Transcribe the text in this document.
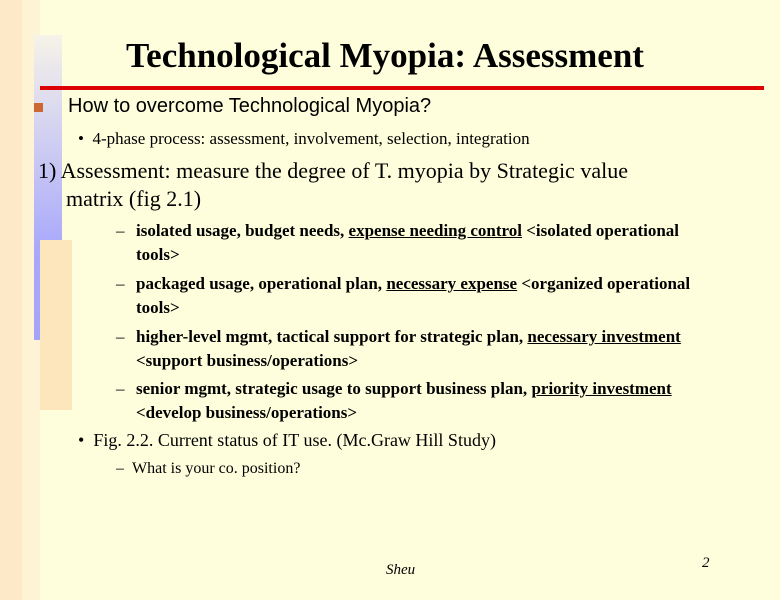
Technological Myopia: Assessment

How to overcome Technological Myopia?

•  4-phase process: assessment, involvement, selection, integration

1) Assessment: measure the degree of T. myopia by Strategic value
matrix (fig 2.1)

– isolated usage, budget needs, expense needing control <isolated operational tools>
– packaged usage, operational plan, necessary expense <organized operational tools>
– higher-level mgmt, tactical support for strategic plan, necessary investment <support business/operations>
– senior mgmt, strategic usage to support business plan, priority investment <develop business/operations>

•  Fig. 2.2. Current status of IT use. (Mc.Graw Hill Study)

–  What is your co. position?

Sheu	2
